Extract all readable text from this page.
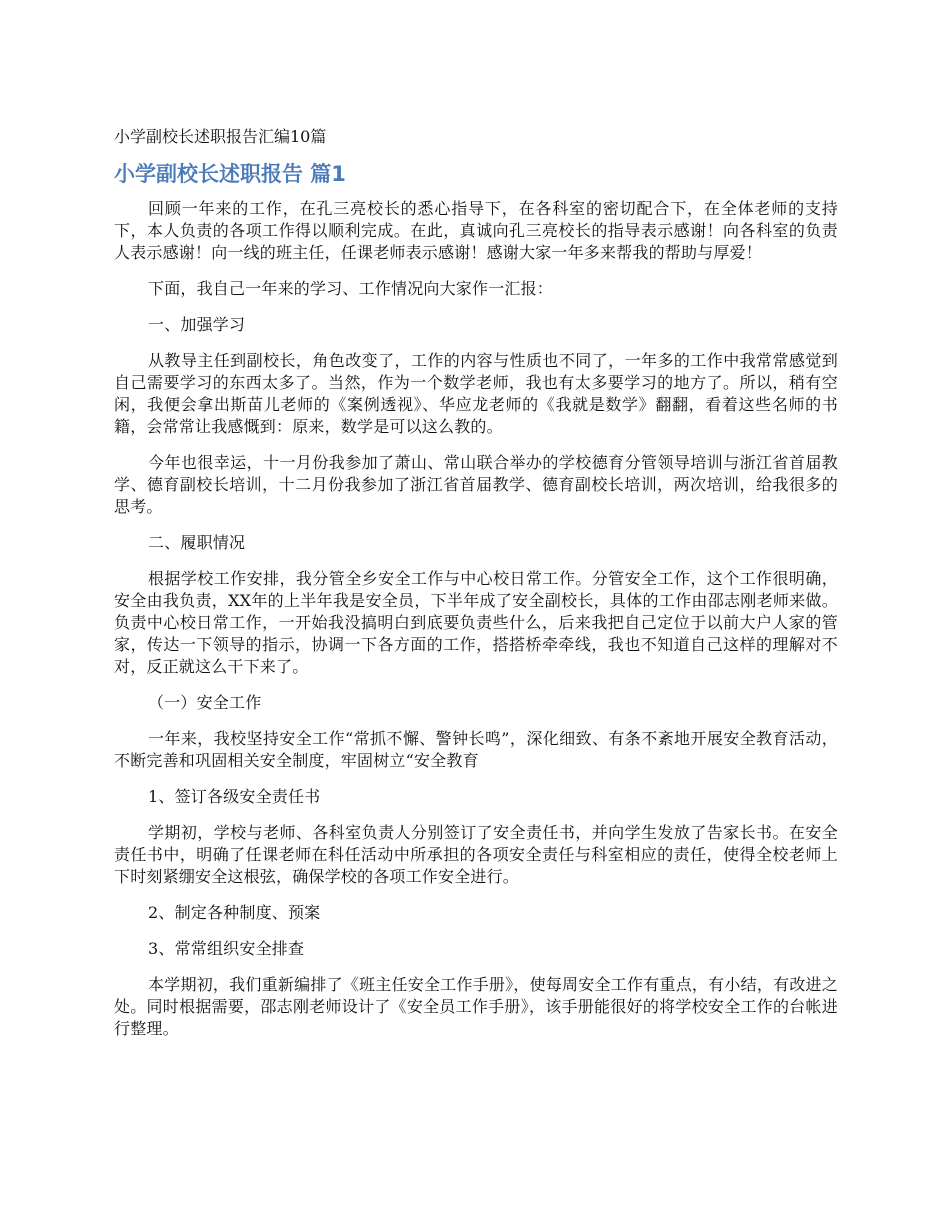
小学副校长述职报告汇编10篇
小学副校长述职报告 篇1

回顾一年来的工作，在孔三亮校长的悉心指导下，在各科室的密切配合下，在全体老师的支持下，本人负责的各项工作得以顺利完成。在此，真诚向孔三亮校长的指导表示感谢！向各科室的负责人表示感谢！向一线的班主任，任课老师表示感谢！感谢大家一年多来帮我的帮助与厚爱！

下面，我自己一年来的学习、工作情况向大家作一汇报：

一、加强学习

从教导主任到副校长，角色改变了，工作的内容与性质也不同了，一年多的工作中我常常感觉到自己需要学习的东西太多了。当然，作为一个数学老师，我也有太多要学习的地方了。所以，稍有空闲，我便会拿出斯苗儿老师的《案例透视》、华应龙老师的《我就是数学》翻翻，看着这些名师的书籍，会常常让我感慨到：原来，数学是可以这么教的。

今年也很幸运，十一月份我参加了萧山、常山联合举办的学校德育分管领导培训与浙江省首届教学、德育副校长培训，十二月份我参加了浙江省首届教学、德育副校长培训，两次培训，给我很多的思考。

二、履职情况

根据学校工作安排，我分管全乡安全工作与中心校日常工作。分管安全工作，这个工作很明确，安全由我负责，XX年的上半年我是安全员，下半年成了安全副校长，具体的工作由邵志刚老师来做。负责中心校日常工作，一开始我没搞明白到底要负责些什么，后来我把自己定位于以前大户人家的管家，传达一下领导的指示，协调一下各方面的工作，搭搭桥牵牵线，我也不知道自己这样的理解对不对，反正就这么干下来了。

（一）安全工作

一年来，我校坚持安全工作“常抓不懈、警钟长鸣”，深化细致、有条不紊地开展安全教育活动，不断完善和巩固相关安全制度，牢固树立“安全教育

1、签订各级安全责任书

学期初，学校与老师、各科室负责人分别签订了安全责任书，并向学生发放了告家长书。在安全责任书中，明确了任课老师在科任活动中所承担的各项安全责任与科室相应的责任，使得全校老师上下时刻紧绷安全这根弦，确保学校的各项工作安全进行。

2、制定各种制度、预案

3、常常组织安全排查

本学期初，我们重新编排了《班主任安全工作手册》，使每周安全工作有重点，有小结，有改进之处。同时根据需要，邵志刚老师设计了《安全员工作手册》，该手册能很好的将学校安全工作的台帐进行整理。
